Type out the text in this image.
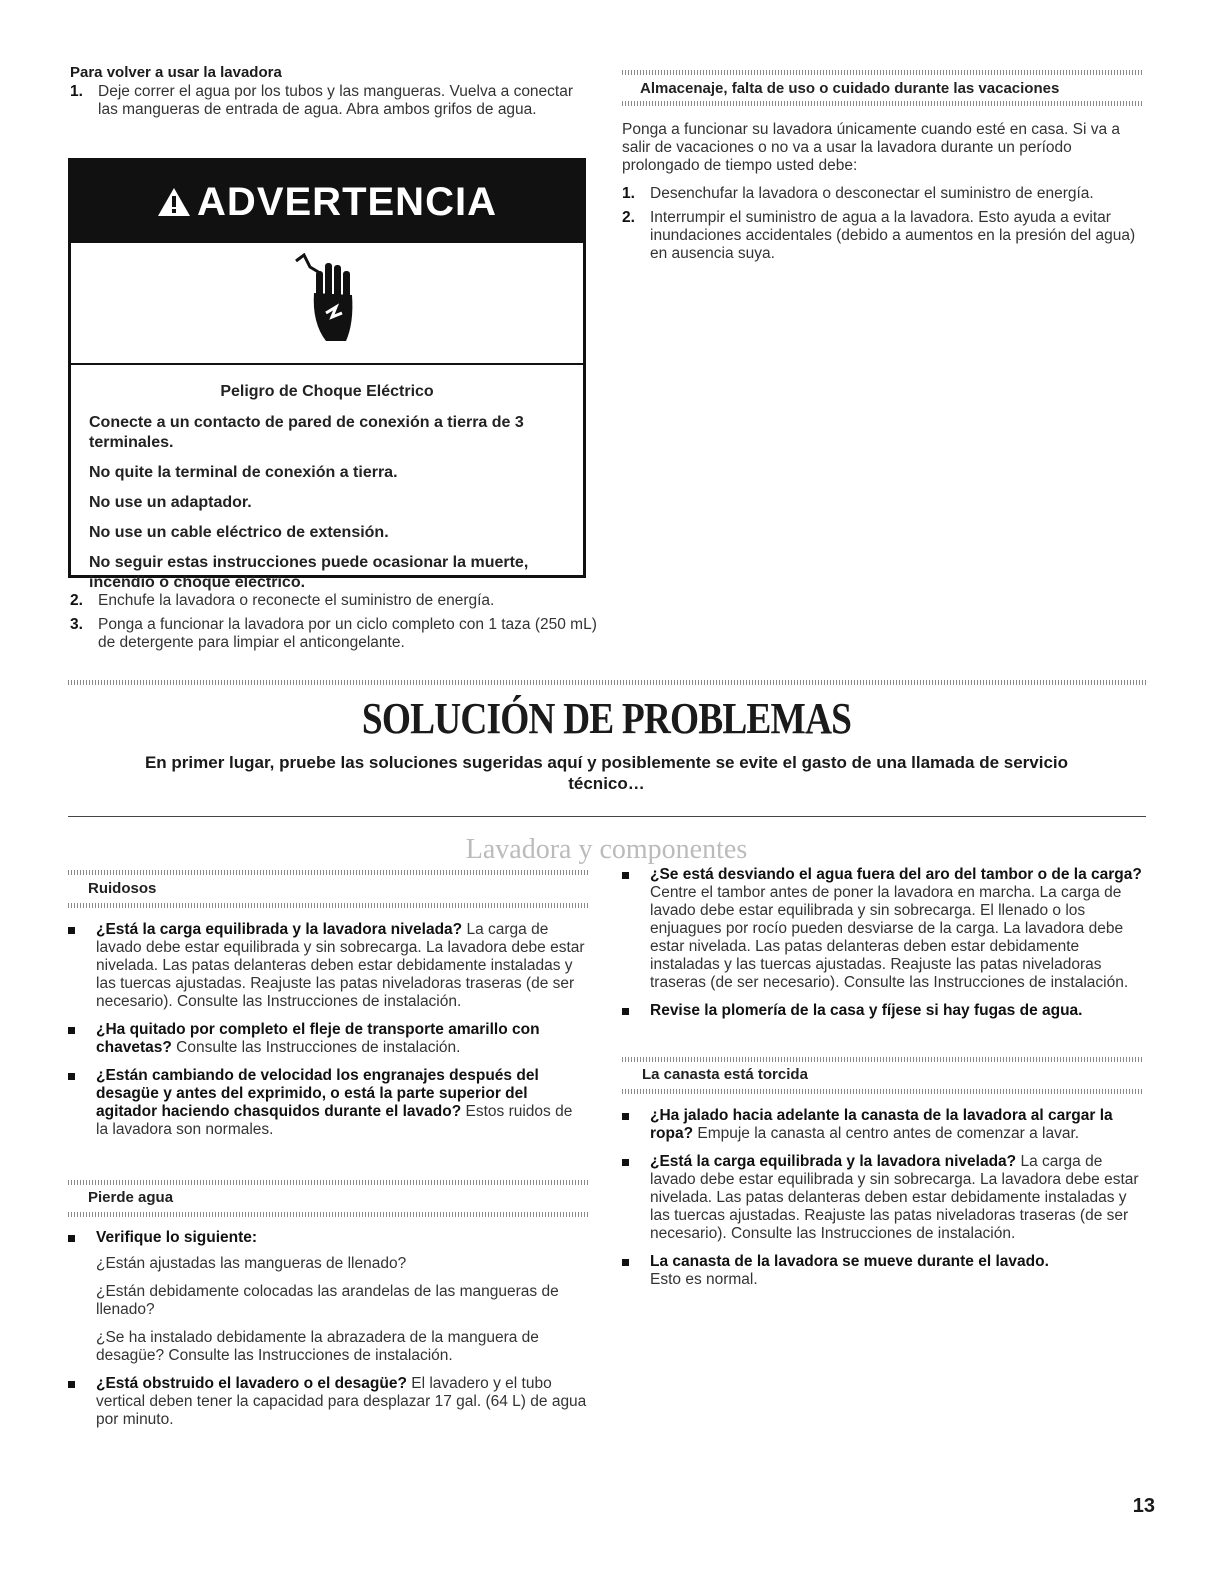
Para volver a usar la lavadora
1. Deje correr el agua por los tubos y las mangueras. Vuelva a conectar las mangueras de entrada de agua. Abra ambos grifos de agua.
ADVERTENCIA
Peligro de Choque Eléctrico

Conecte a un contacto de pared de conexión a tierra de 3 terminales.

No quite la terminal de conexión a tierra.

No use un adaptador.

No use un cable eléctrico de extensión.

No seguir estas instrucciones puede ocasionar la muerte, incendio o choque eléctrico.

2. Enchufe la lavadora o reconecte el suministro de energía.
3. Ponga a funcionar la lavadora por un ciclo completo con 1 taza (250 mL) de detergente para limpiar el anticongelante.
Almacenaje, falta de uso o cuidado durante las vacaciones

Ponga a funcionar su lavadora únicamente cuando esté en casa. Si va a salir de vacaciones o no va a usar la lavadora durante un período prolongado de tiempo usted debe:

1. Desenchufar la lavadora o desconectar el suministro de energía.
2. Interrumpir el suministro de agua a la lavadora. Esto ayuda a evitar inundaciones accidentales (debido a aumentos en la presión del agua) en ausencia suya.
SOLUCIÓN DE PROBLEMAS
En primer lugar, pruebe las soluciones sugeridas aquí y posiblemente se evite el gasto de una llamada de servicio técnico…
Lavadora y componentes
Ruidosos
¿Está la carga equilibrada y la lavadora nivelada? La carga de lavado debe estar equilibrada y sin sobrecarga. La lavadora debe estar nivelada. Las patas delanteras deben estar debidamente instaladas y las tuercas ajustadas. Reajuste las patas niveladoras traseras (de ser necesario). Consulte las Instrucciones de instalación.
¿Ha quitado por completo el fleje de transporte amarillo con chavetas? Consulte las Instrucciones de instalación.
¿Están cambiando de velocidad los engranajes después del desagüe y antes del exprimido, o está la parte superior del agitador haciendo chasquidos durante el lavado? Estos ruidos de la lavadora son normales.
Pierde agua
Verifique lo siguiente:

¿Están ajustadas las mangueras de llenado?

¿Están debidamente colocadas las arandelas de las mangueras de llenado?

¿Se ha instalado debidamente la abrazadera de la manguera de desagüe? Consulte las Instrucciones de instalación.

¿Está obstruido el lavadero o el desagüe? El lavadero y el tubo vertical deben tener la capacidad para desplazar 17 gal. (64 L) de agua por minuto.
¿Se está desviando el agua fuera del aro del tambor o de la carga? Centre el tambor antes de poner la lavadora en marcha. La carga de lavado debe estar equilibrada y sin sobrecarga. El llenado o los enjuagues por rocío pueden desviarse de la carga. La lavadora debe estar nivelada. Las patas delanteras deben estar debidamente instaladas y las tuercas ajustadas. Reajuste las patas niveladoras traseras (de ser necesario). Consulte las Instrucciones de instalación.
Revise la plomería de la casa y fíjese si hay fugas de agua.
La canasta está torcida
¿Ha jalado hacia adelante la canasta de la lavadora al cargar la ropa? Empuje la canasta al centro antes de comenzar a lavar.
¿Está la carga equilibrada y la lavadora nivelada? La carga de lavado debe estar equilibrada y sin sobrecarga. La lavadora debe estar nivelada. Las patas delanteras deben estar debidamente instaladas y las tuercas ajustadas. Reajuste las patas niveladoras traseras (de ser necesario). Consulte las Instrucciones de instalación.
La canasta de la lavadora se mueve durante el lavado.
Esto es normal.
13
